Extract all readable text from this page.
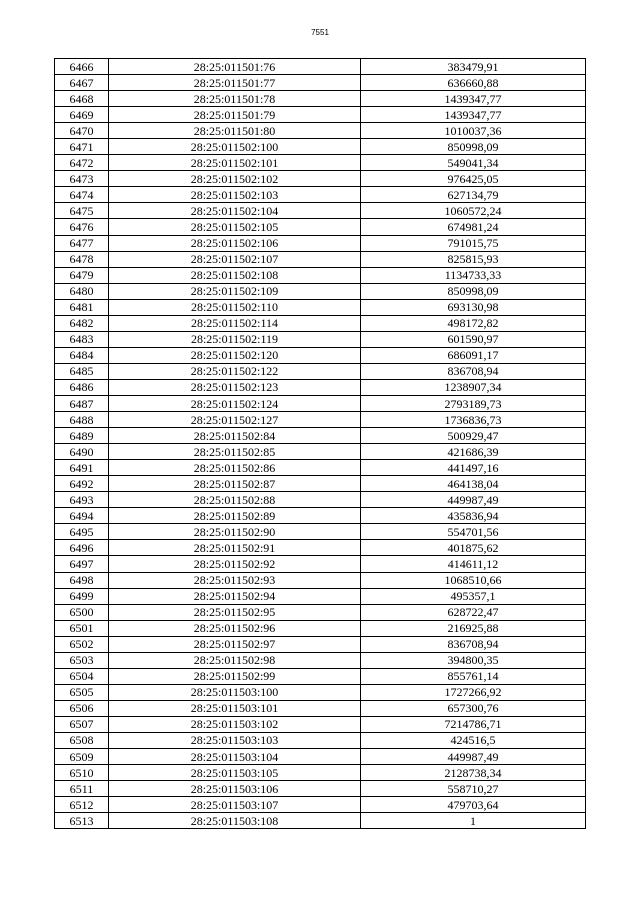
7551
6466	28:25:011501:76	383479,91
6467	28:25:011501:77	636660,88
6468	28:25:011501:78	1439347,77
6469	28:25:011501:79	1439347,77
6470	28:25:011501:80	1010037,36
6471	28:25:011502:100	850998,09
6472	28:25:011502:101	549041,34
6473	28:25:011502:102	976425,05
6474	28:25:011502:103	627134,79
6475	28:25:011502:104	1060572,24
6476	28:25:011502:105	674981,24
6477	28:25:011502:106	791015,75
6478	28:25:011502:107	825815,93
6479	28:25:011502:108	1134733,33
6480	28:25:011502:109	850998,09
6481	28:25:011502:110	693130,98
6482	28:25:011502:114	498172,82
6483	28:25:011502:119	601590,97
6484	28:25:011502:120	686091,17
6485	28:25:011502:122	836708,94
6486	28:25:011502:123	1238907,34
6487	28:25:011502:124	2793189,73
6488	28:25:011502:127	1736836,73
6489	28:25:011502:84	500929,47
6490	28:25:011502:85	421686,39
6491	28:25:011502:86	441497,16
6492	28:25:011502:87	464138,04
6493	28:25:011502:88	449987,49
6494	28:25:011502:89	435836,94
6495	28:25:011502:90	554701,56
6496	28:25:011502:91	401875,62
6497	28:25:011502:92	414611,12
6498	28:25:011502:93	1068510,66
6499	28:25:011502:94	495357,1
6500	28:25:011502:95	628722,47
6501	28:25:011502:96	216925,88
6502	28:25:011502:97	836708,94
6503	28:25:011502:98	394800,35
6504	28:25:011502:99	855761,14
6505	28:25:011503:100	1727266,92
6506	28:25:011503:101	657300,76
6507	28:25:011503:102	7214786,71
6508	28:25:011503:103	424516,5
6509	28:25:011503:104	449987,49
6510	28:25:011503:105	2128738,34
6511	28:25:011503:106	558710,27
6512	28:25:011503:107	479703,64
6513	28:25:011503:108	1
